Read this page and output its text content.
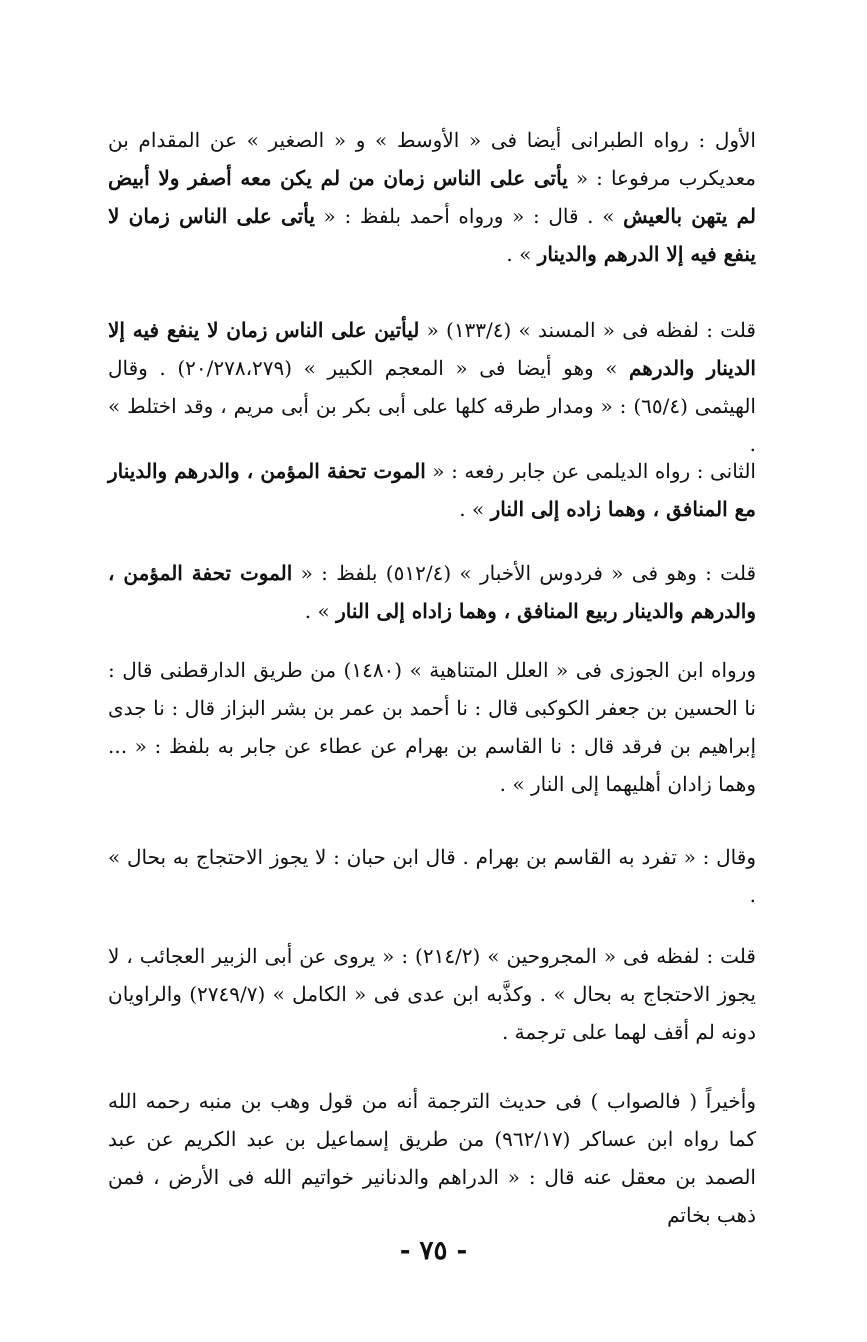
الأول : رواه الطبرانى أيضا فى « الأوسط » و « الصغير » عن المقدام بن معديكرب مرفوعا : « يأتى على الناس زمان من لم يكن معه أصفر ولا أبيض لم يتهن بالعيش » . قال : « ورواه أحمد بلفظ : « يأتى على الناس زمان لا ينفع فيه إلا الدرهم والدينار » .
قلت : لفظه فى « المسند » (١٣٣/٤) « ليأتين على الناس زمان لا ينفع فيه إلا الدينار والدرهم » وهو أيضا فى « المعجم الكبير » (٢٠/٢٧٨،٢٧٩) . وقال الهيثمى (٦٥/٤) : « ومدار طرقه كلها على أبى بكر بن أبى مريم ، وقد اختلط » .
الثانى : رواه الديلمى عن جابر رفعه : « الموت تحفة المؤمن ، والدرهم والدينار مع المنافق ، وهما زاده إلى النار » .
قلت : وهو فى « فردوس الأخبار » (٥١٢/٤) بلفظ : « الموت تحفة المؤمن ، والدرهم والدينار ربيع المنافق ، وهما زاداه إلى النار » .
ورواه ابن الجوزى فى « العلل المتناهية » (١٤٨٠) من طريق الدارقطنى قال : نا الحسين بن جعفر الكوكبى قال : نا أحمد بن عمر بن بشر البزاز قال : نا جدى إبراهيم بن فرقد قال : نا القاسم بن بهرام عن عطاء عن جابر به بلفظ : « ... وهما زادان أهليهما إلى النار » .
وقال : « تفرد به القاسم بن بهرام . قال ابن حبان : لا يجوز الاحتجاج به بحال » .
قلت : لفظه فى « المجروحين » (٢١٤/٢) : « يروى عن أبى الزبير العجائب ، لا يجوز الاحتجاج به بحال » . وكذَّبه ابن عدى فى « الكامل » (٢٧٤٩/٧) والراويان دونه لم أقف لهما على ترجمة .
وأخيراً ( فالصواب ) فى حديث الترجمة أنه من قول وهب بن منبه رحمه الله كما رواه ابن عساكر (٩٦٢/١٧) من طريق إسماعيل بن عبد الكريم عن عبد الصمد بن معقل عنه قال : « الدراهم والدنانير خواتيم الله فى الأرض ، فمن ذهب بخاتم
- ٧٥ -
